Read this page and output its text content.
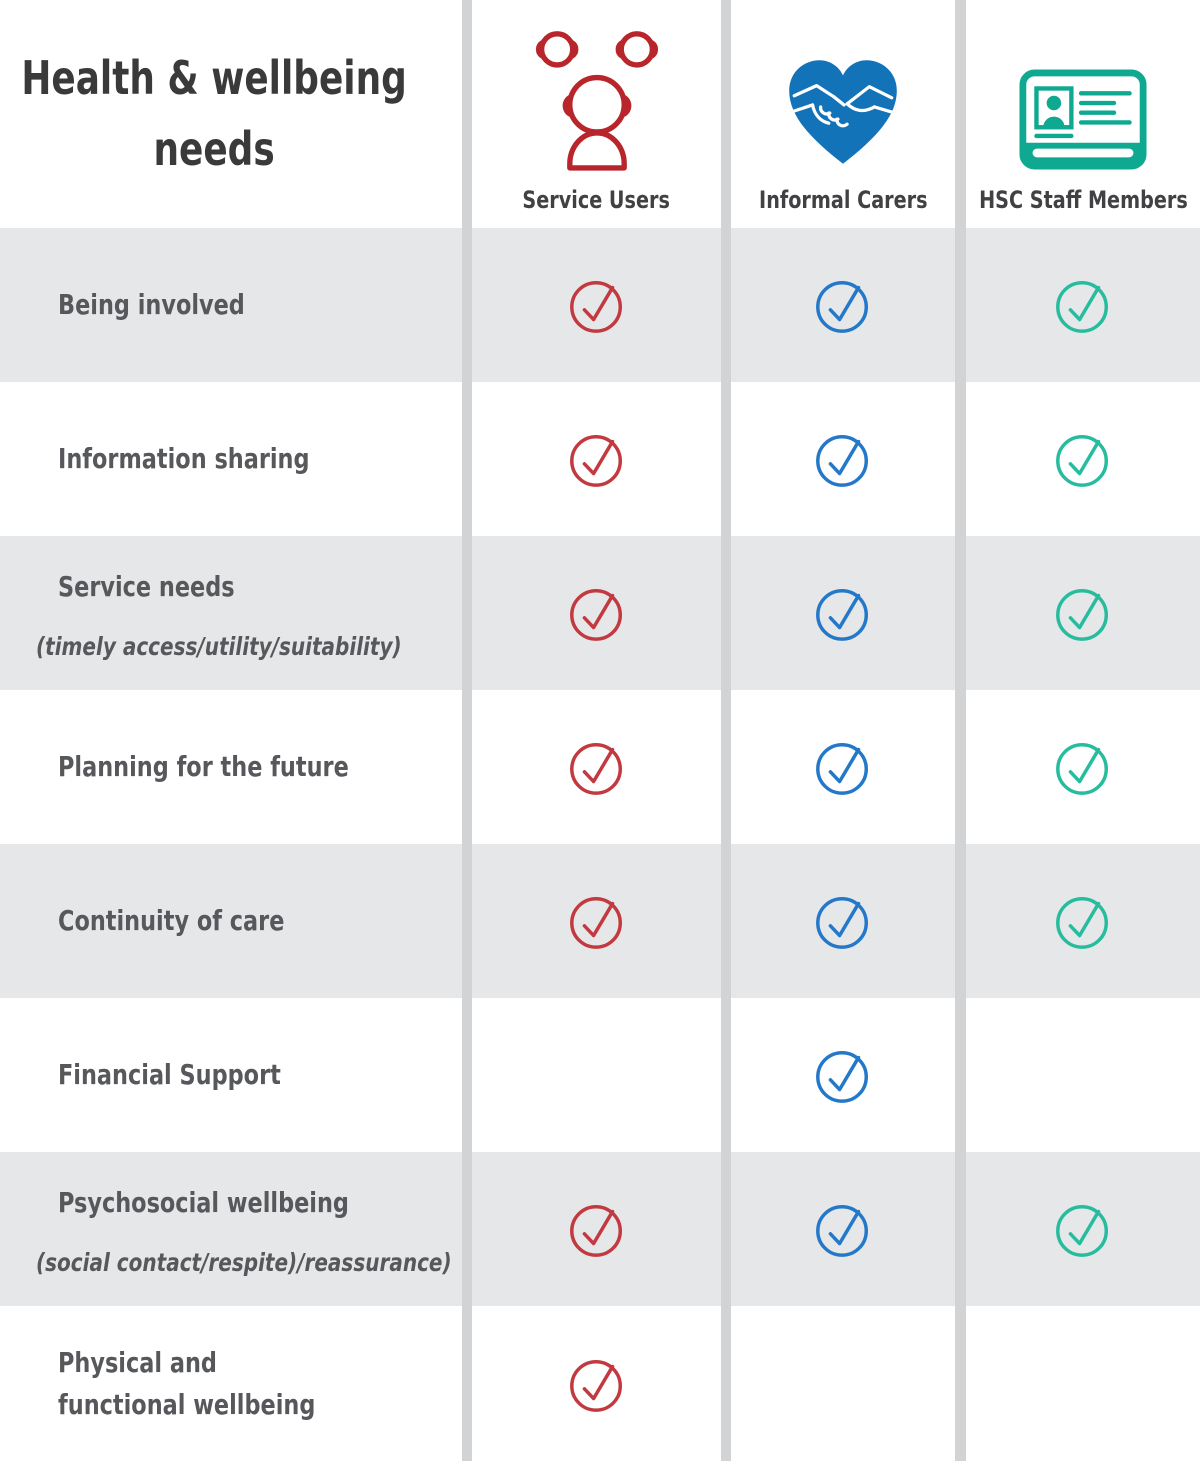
Health & wellbeing
needs
Service Users	Informal Carers HSC Staff Members
Being involved
Information sharing
Service needs
(timely access/utility/suitability)
Planning for the future
Continuity of care
Financial Support
Psychosocial wellbeing
(social contact/respite)/reassurance)
Physical and functional wellbeing
